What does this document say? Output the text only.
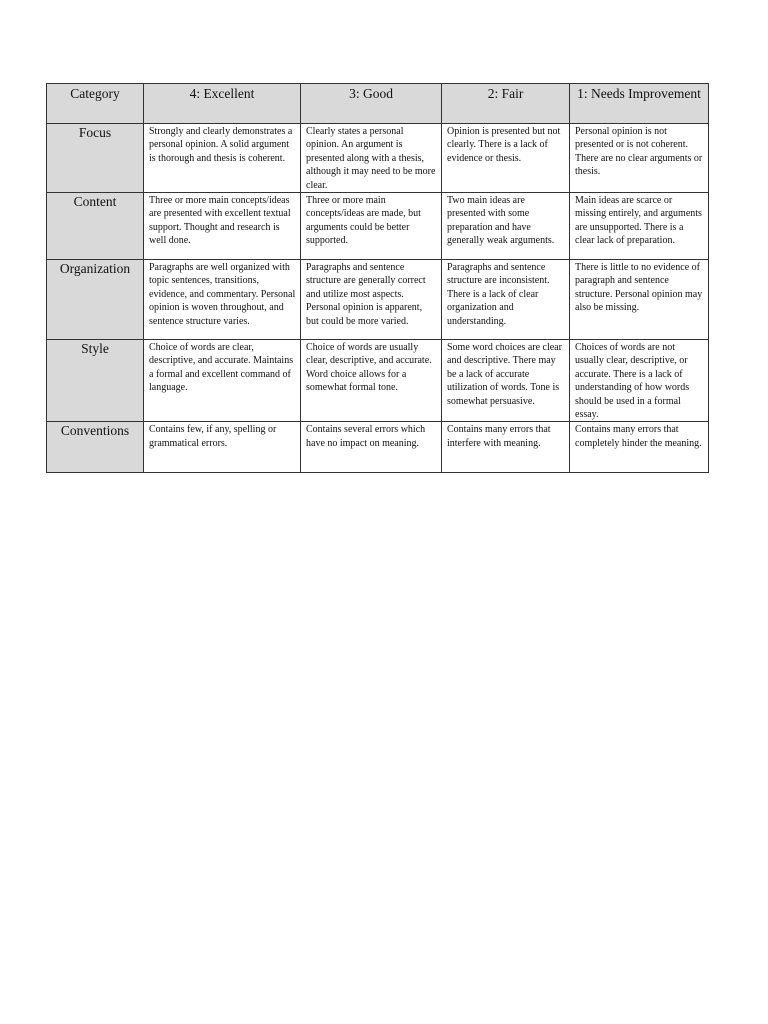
Category	4: Excellent	3: Good	2: Fair	1: Needs Improvement
Focus	Strongly and clearly demonstrates a personal opinion. A solid argument is thorough and thesis is coherent.	Clearly states a personal opinion. An argument is presented along with a thesis, although it may need to be more clear.	Opinion is presented but not clearly. There is a lack of evidence or thesis.	Personal opinion is not presented or is not coherent. There are no clear arguments or thesis.
Content	Three or more main concepts/ideas are presented with excellent textual support. Thought and research is well done.	Three or more main concepts/ideas are made, but arguments could be better supported.	Two main ideas are presented with some preparation and have generally weak arguments.	Main ideas are scarce or missing entirely, and arguments are unsupported. There is a clear lack of preparation.
Organization	Paragraphs are well organized with topic sentences, transitions, evidence, and commentary. Personal opinion is woven throughout, and sentence structure varies.	Paragraphs and sentence structure are generally correct and utilize most aspects. Personal opinion is apparent, but could be more varied.	Paragraphs and sentence structure are inconsistent. There is a lack of clear organization and understanding.	There is little to no evidence of paragraph and sentence structure. Personal opinion may also be missing.
Style	Choice of words are clear, descriptive, and accurate. Maintains a formal and excellent command of language.	Choice of words are usually clear, descriptive, and accurate. Word choice allows for a somewhat formal tone.	Some word choices are clear and descriptive. There may be a lack of accurate utilization of words. Tone is somewhat persuasive.	Choices of words are not usually clear, descriptive, or accurate. There is a lack of understanding of how words should be used in a formal essay.
Conventions	Contains few, if any, spelling or grammatical errors.	Contains several errors which have no impact on meaning.	Contains many errors that interfere with meaning.	Contains many errors that completely hinder the meaning.
